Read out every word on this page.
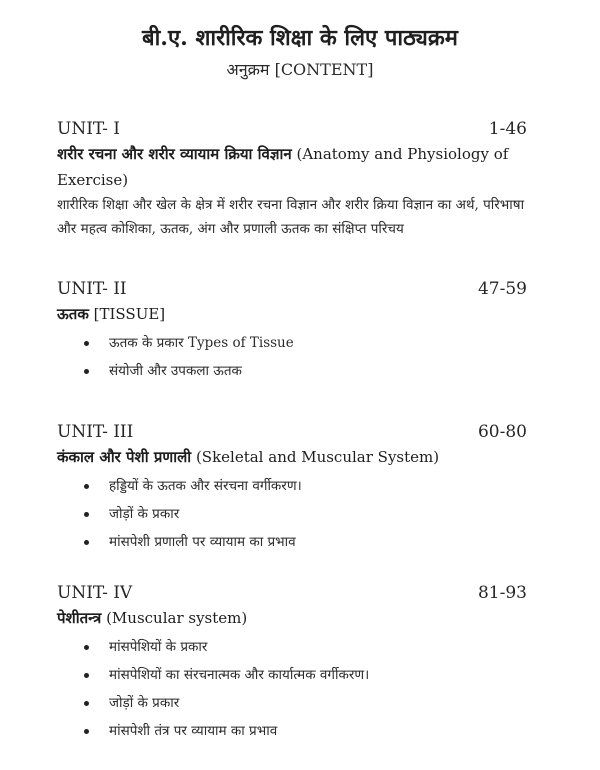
बी.ए. शारीरिक शिक्षा के लिए पाठ्यक्रम
अनुक्रम [CONTENT]
UNIT- I	1-46
शरीर रचना और शरीर व्यायाम क्रिया विज्ञान (Anatomy and Physiology of Exercise)
शारीरिक शिक्षा और खेल के क्षेत्र में शरीर रचना विज्ञान और शरीर क्रिया विज्ञान का अर्थ, परिभाषा और महत्व कोशिका, ऊतक, अंग और प्रणाली ऊतक का संक्षिप्त परिचय
UNIT- II	47-59
ऊतक [TISSUE]
ऊतक के प्रकार Types of Tissue
संयोजी और उपकला ऊतक
UNIT- III	60-80
कंकाल और पेशी प्रणाली (Skeletal and Muscular System)
हड्डियों के ऊतक और संरचना वर्गीकरण।
जोड़ों के प्रकार
मांसपेशी प्रणाली पर व्यायाम का प्रभाव
UNIT- IV	81-93
पेशीतन्त्र (Muscular system)
मांसपेशियों के प्रकार
मांसपेशियों का संरचनात्मक और कार्यात्मक वर्गीकरण।
जोड़ों के प्रकार
मांसपेशी तंत्र पर व्यायाम का प्रभाव
